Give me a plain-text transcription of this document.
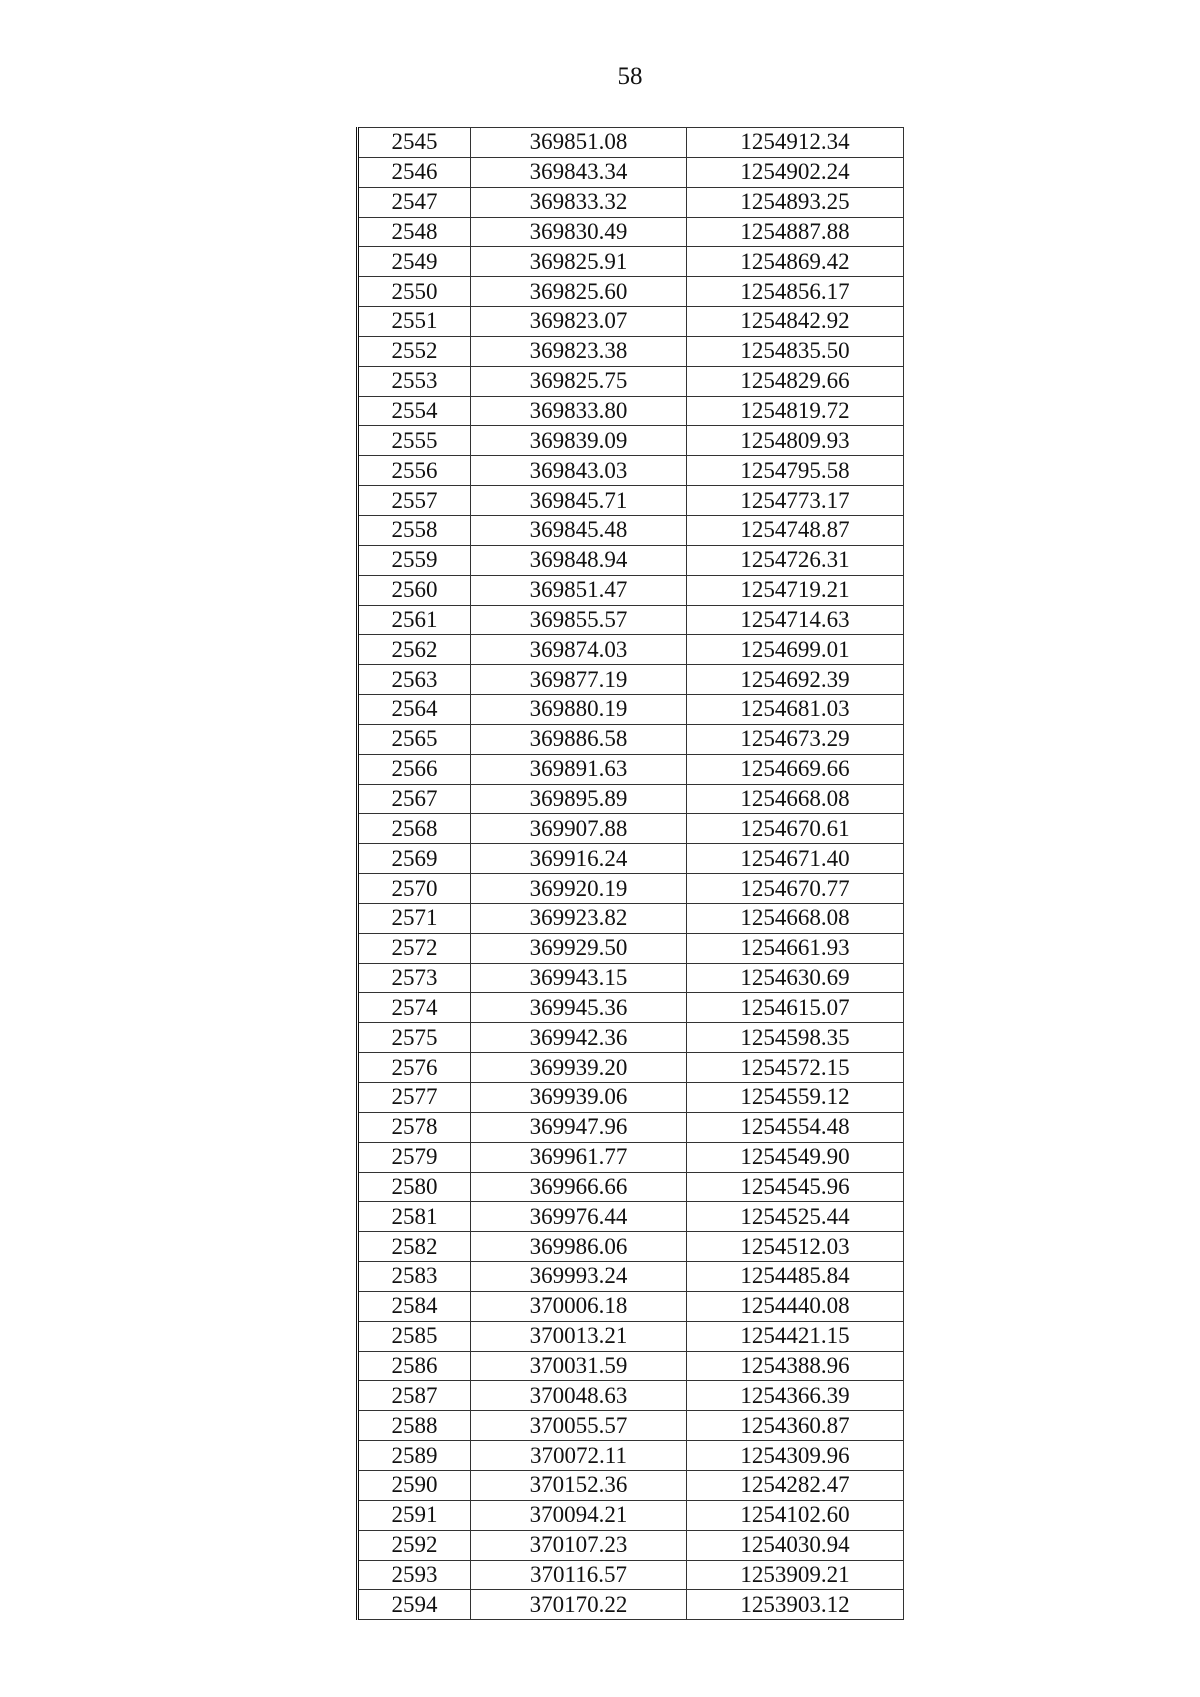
58
2545	369851.08	1254912.34
2546	369843.34	1254902.24
2547	369833.32	1254893.25
2548	369830.49	1254887.88
2549	369825.91	1254869.42
2550	369825.60	1254856.17
2551	369823.07	1254842.92
2552	369823.38	1254835.50
2553	369825.75	1254829.66
2554	369833.80	1254819.72
2555	369839.09	1254809.93
2556	369843.03	1254795.58
2557	369845.71	1254773.17
2558	369845.48	1254748.87
2559	369848.94	1254726.31
2560	369851.47	1254719.21
2561	369855.57	1254714.63
2562	369874.03	1254699.01
2563	369877.19	1254692.39
2564	369880.19	1254681.03
2565	369886.58	1254673.29
2566	369891.63	1254669.66
2567	369895.89	1254668.08
2568	369907.88	1254670.61
2569	369916.24	1254671.40
2570	369920.19	1254670.77
2571	369923.82	1254668.08
2572	369929.50	1254661.93
2573	369943.15	1254630.69
2574	369945.36	1254615.07
2575	369942.36	1254598.35
2576	369939.20	1254572.15
2577	369939.06	1254559.12
2578	369947.96	1254554.48
2579	369961.77	1254549.90
2580	369966.66	1254545.96
2581	369976.44	1254525.44
2582	369986.06	1254512.03
2583	369993.24	1254485.84
2584	370006.18	1254440.08
2585	370013.21	1254421.15
2586	370031.59	1254388.96
2587	370048.63	1254366.39
2588	370055.57	1254360.87
2589	370072.11	1254309.96
2590	370152.36	1254282.47
2591	370094.21	1254102.60
2592	370107.23	1254030.94
2593	370116.57	1253909.21
2594	370170.22	1253903.12
